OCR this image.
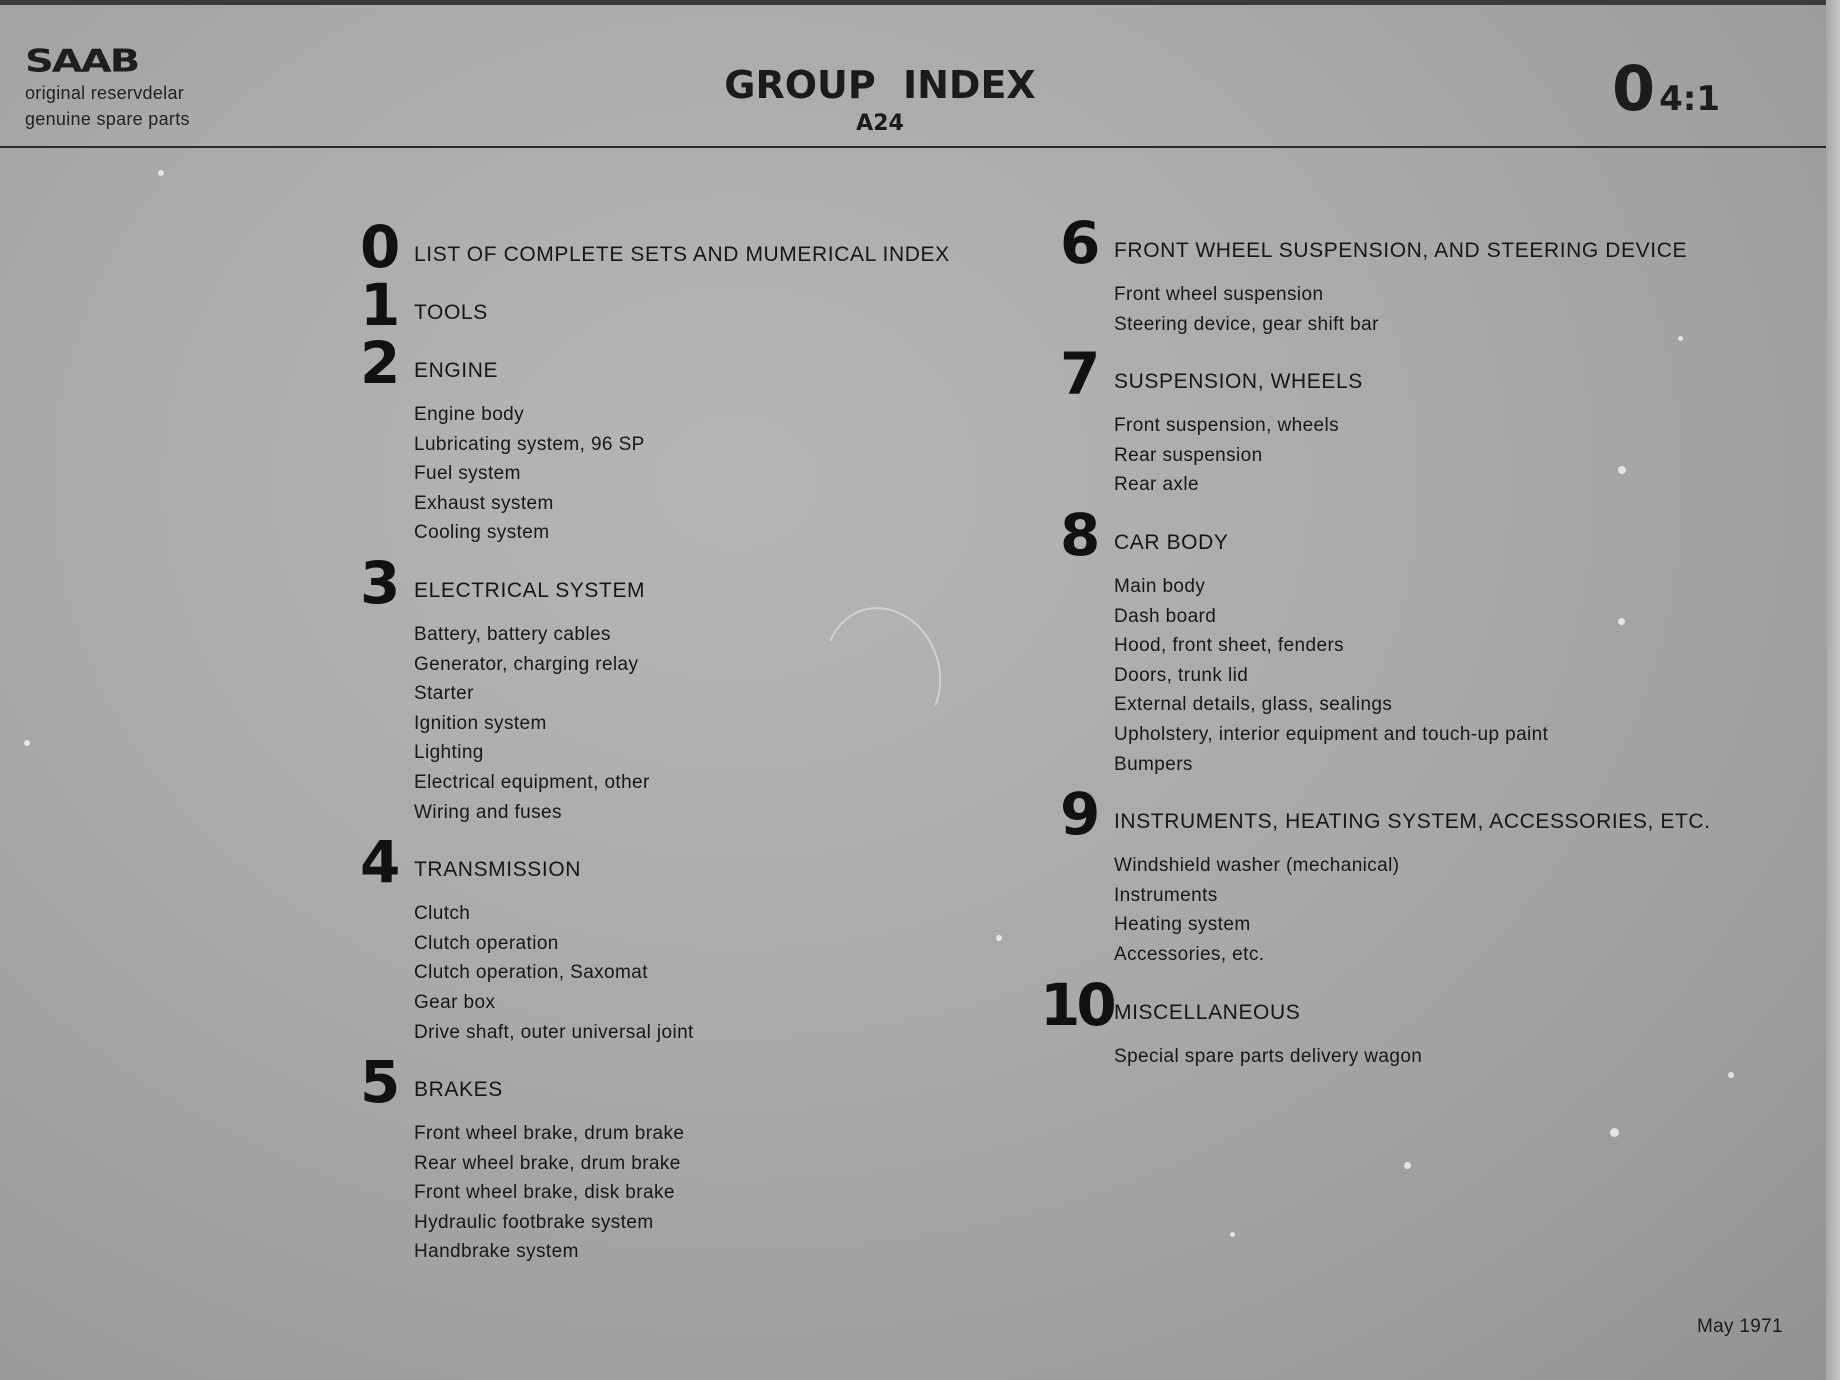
SAAB
original reservdelar
genuine spare parts
GROUP INDEX
A24	0 4:1
0 LIST OF COMPLETE SETS AND MUMERICAL INDEX
1 TOOLS
2 ENGINE
Engine body
Lubricating system, 96 SP
Fuel system
Exhaust system
Cooling system
3 ELECTRICAL SYSTEM
Battery, battery cables
Generator, charging relay
Starter
Ignition system
Lighting
Electrical equipment, other
Wiring and fuses
4 TRANSMISSION
Clutch
Clutch operation
Clutch operation, Saxomat
Gear box
Drive shaft, outer universal joint
5 BRAKES
Front wheel brake, drum brake
Rear wheel brake, drum brake
Front wheel brake, disk brake
Hydraulic footbrake system
Handbrake system
6 FRONT WHEEL SUSPENSION, AND STEERING DEVICE
Front wheel suspension
Steering device, gear shift bar
7 SUSPENSION, WHEELS
Front suspension, wheels
Rear suspension
Rear axle
8 CAR BODY
Main body
Dash board
Hood, front sheet, fenders
Doors, trunk lid
External details, glass, sealings
Upholstery, interior equipment and touch-up paint
Bumpers
9 INSTRUMENTS, HEATING SYSTEM, ACCESSORIES, ETC.
Windshield washer (mechanical)
Instruments
Heating system
Accessories, etc.
10 MISCELLANEOUS
Special spare parts delivery wagon
May 1971
